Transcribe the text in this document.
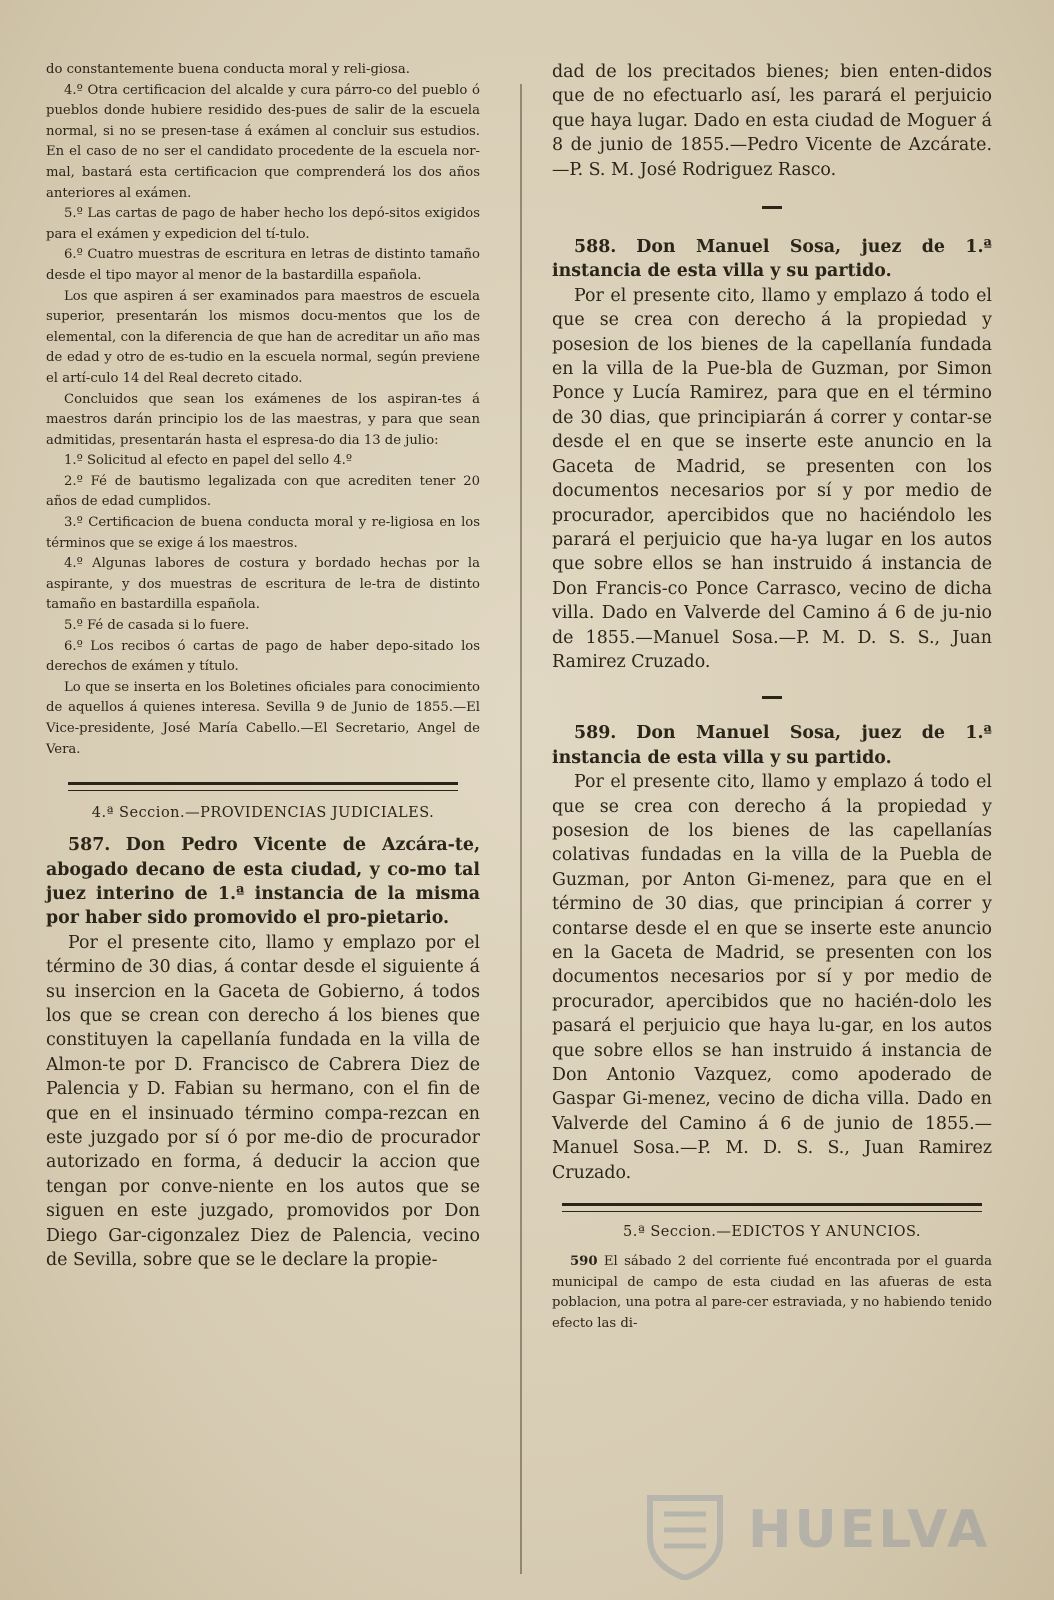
do constantemente buena conducta moral y reli-giosa.

4.º Otra certificacion del alcalde y cura párro-co del pueblo ó pueblos donde hubiere residido des-pues de salir de la escuela normal, si no se presen-tase á exámen al concluir sus estudios. En el caso de no ser el candidato procedente de la escuela nor-mal, bastará esta certificacion que comprenderá los dos años anteriores al exámen.

5.º Las cartas de pago de haber hecho los depó-sitos exigidos para el exámen y expedicion del tí-tulo.

6.º Cuatro muestras de escritura en letras de distinto tamaño desde el tipo mayor al menor de la bastardilla española.

Los que aspiren á ser examinados para maestros de escuela superior, presentarán los mismos docu-mentos que los de elemental, con la diferencia de que han de acreditar un año mas de edad y otro de es-tudio en la escuela normal, según previene el artí-culo 14 del Real decreto citado.

Concluidos que sean los exámenes de los aspiran-tes á maestros darán principio los de las maestras, y para que sean admitidas, presentarán hasta el espresa-do dia 13 de julio:

1.º Solicitud al efecto en papel del sello 4.º

2.º Fé de bautismo legalizada con que acrediten tener 20 años de edad cumplidos.

3.º Certificacion de buena conducta moral y re-ligiosa en los términos que se exige á los maestros.

4.º Algunas labores de costura y bordado hechas por la aspirante, y dos muestras de escritura de le-tra de distinto tamaño en bastardilla española.

5.º Fé de casada si lo fuere.

6.º Los recibos ó cartas de pago de haber depo-sitado los derechos de exámen y título.

Lo que se inserta en los Boletines oficiales para conocimiento de aquellos á quienes interesa. Sevilla 9 de Junio de 1855.—El Vice-presidente, José María Cabello.—El Secretario, Angel de Vera.

4.ª Seccion.—PROVIDENCIAS JUDICIALES.

587. Don Pedro Vicente de Azcára-te, abogado decano de esta ciudad, y co-mo tal juez interino de 1.ª instancia de la misma por haber sido promovido el pro-pietario.

Por el presente cito, llamo y emplazo por el término de 30 dias, á contar desde el siguiente á su insercion en la Gaceta de Gobierno, á todos los que se crean con derecho á los bienes que constituyen la capellanía fundada en la villa de Almon-te por D. Francisco de Cabrera Diez de Palencia y D. Fabian su hermano, con el fin de que en el insinuado término compa-rezcan en este juzgado por sí ó por me-dio de procurador autorizado en forma, á deducir la accion que tengan por conve-niente en los autos que se siguen en este juzgado, promovidos por Don Diego Gar-cigonzalez Diez de Palencia, vecino de Sevilla, sobre que se le declare la propie-

dad de los precitados bienes; bien enten-didos que de no efectuarlo así, les parará el perjuicio que haya lugar. Dado en esta ciudad de Moguer á 8 de junio de 1855.—Pedro Vicente de Azcárate.—P. S. M. José Rodriguez Rasco.

588. Don Manuel Sosa, juez de 1.ª instancia de esta villa y su partido.

Por el presente cito, llamo y emplazo á todo el que se crea con derecho á la propiedad y posesion de los bienes de la capellanía fundada en la villa de la Pue-bla de Guzman, por Simon Ponce y Lucía Ramirez, para que en el término de 30 dias, que principiarán á correr y contar-se desde el en que se inserte este anuncio en la Gaceta de Madrid, se presenten con los documentos necesarios por sí y por medio de procurador, apercibidos que no haciéndolo les parará el perjuicio que ha-ya lugar en los autos que sobre ellos se han instruido á instancia de Don Francis-co Ponce Carrasco, vecino de dicha villa. Dado en Valverde del Camino á 6 de ju-nio de 1855.—Manuel Sosa.—P. M. D. S. S., Juan Ramirez Cruzado.

589. Don Manuel Sosa, juez de 1.ª instancia de esta villa y su partido.

Por el presente cito, llamo y emplazo á todo el que se crea con derecho á la propiedad y posesion de los bienes de las capellanías colativas fundadas en la villa de la Puebla de Guzman, por Anton Gi-menez, para que en el término de 30 dias, que principian á correr y contarse desde el en que se inserte este anuncio en la Gaceta de Madrid, se presenten con los documentos necesarios por sí y por medio de procurador, apercibidos que no hacién-dolo les pasará el perjuicio que haya lu-gar, en los autos que sobre ellos se han instruido á instancia de Don Antonio Vazquez, como apoderado de Gaspar Gi-menez, vecino de dicha villa. Dado en Valverde del Camino á 6 de junio de 1855.—Manuel Sosa.—P. M. D. S. S., Juan Ramirez Cruzado.

5.ª Seccion.—EDICTOS Y ANUNCIOS.

590 El sábado 2 del corriente fué encontrada por el guarda municipal de campo de esta ciudad en las afueras de esta poblacion, una potra al pare-cer estraviada, y no habiendo tenido efecto las di-

HUELVA
